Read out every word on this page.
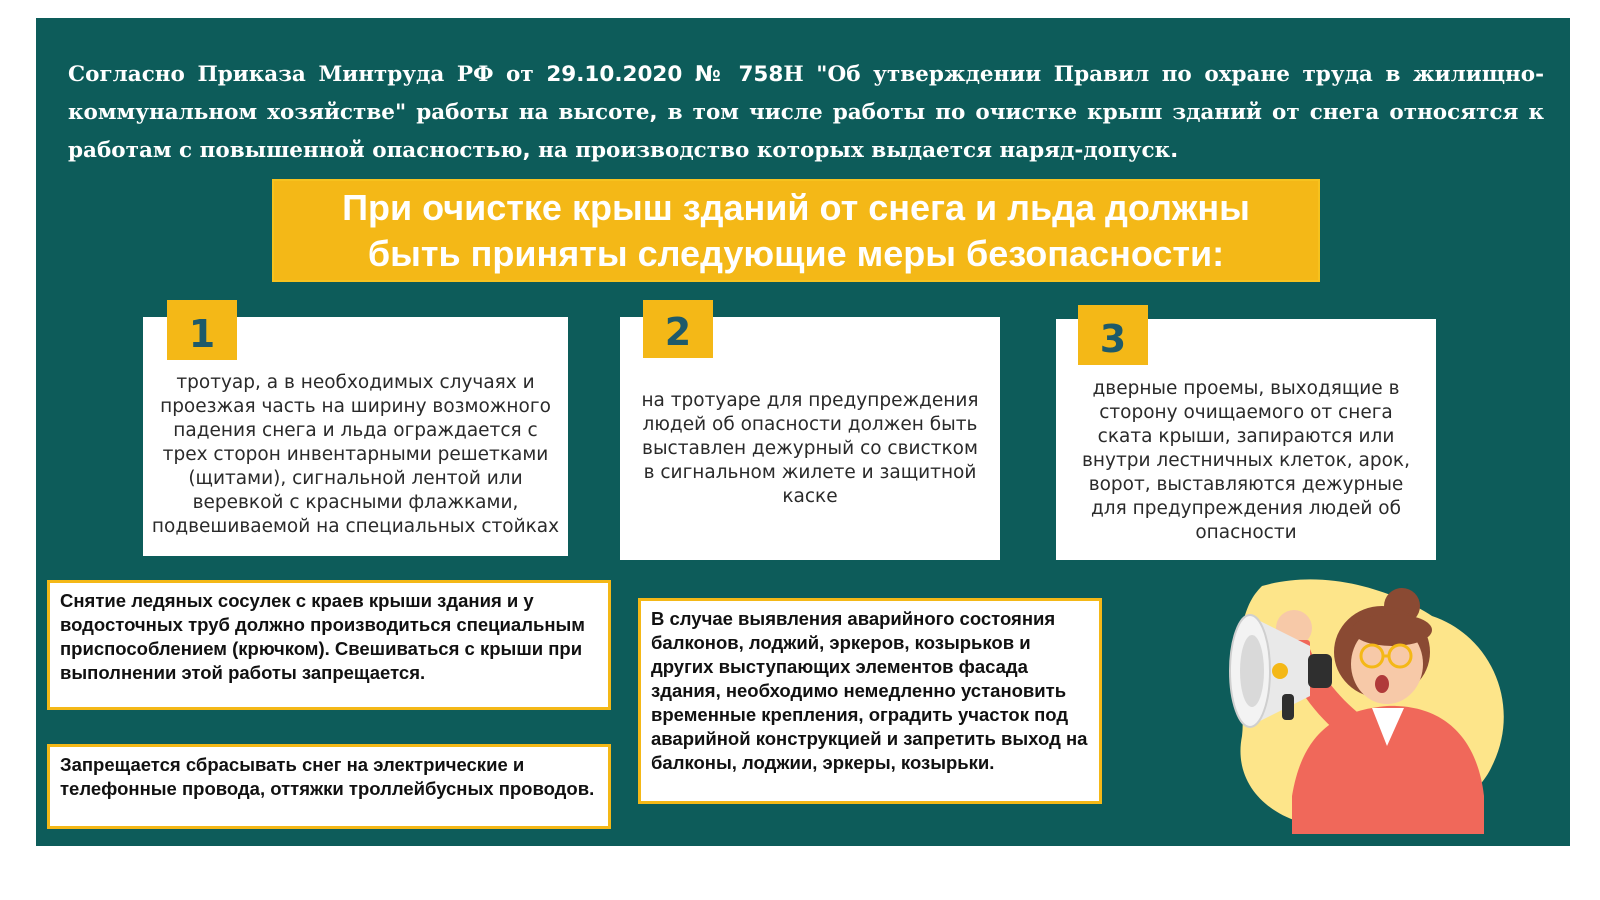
Согласно Приказа Минтруда РФ от 29.10.2020 № 758Н "Об утверждении Правил по охране труда в жилищно-коммунальном хозяйстве" работы на высоте, в том числе работы по очистке крыш зданий от снега относятся к работам с повышенной опасностью, на производство которых выдается наряд-допуск.
При очистке крыш зданий от снега и льда должны
быть приняты следующие меры безопасности:

тротуар, а в необходимых случаях и проезжая часть на ширину возможного падения снега и льда ограждается с трех сторон инвентарными решетками (щитами), сигнальной лентой или веревкой с красными флажками, подвешиваемой на специальных стойках

1

на тротуаре для предупреждения людей об опасности должен быть выставлен дежурный со свистком в сигнальном жилете и защитной каске

2

дверные проемы, выходящие в сторону очищаемого от снега ската крыши, запираются или внутри лестничных клеток, арок, ворот, выставляются дежурные для предупреждения людей об опасности

3

Снятие ледяных сосулек с краев крыши здания и у водосточных труб должно производиться специальным приспособлением (крючком). Свешиваться с крыши при выполнении этой работы запрещается.

Запрещается сбрасывать снег на электрические и телефонные провода, оттяжки троллейбусных проводов.

В случае выявления аварийного состояния балконов, лоджий, эркеров, козырьков и других выступающих элементов фасада здания, необходимо немедленно установить временные крепления, оградить участок под аварийной конструкцией и запретить выход на балконы, лоджии, эркеры, козырьки.
